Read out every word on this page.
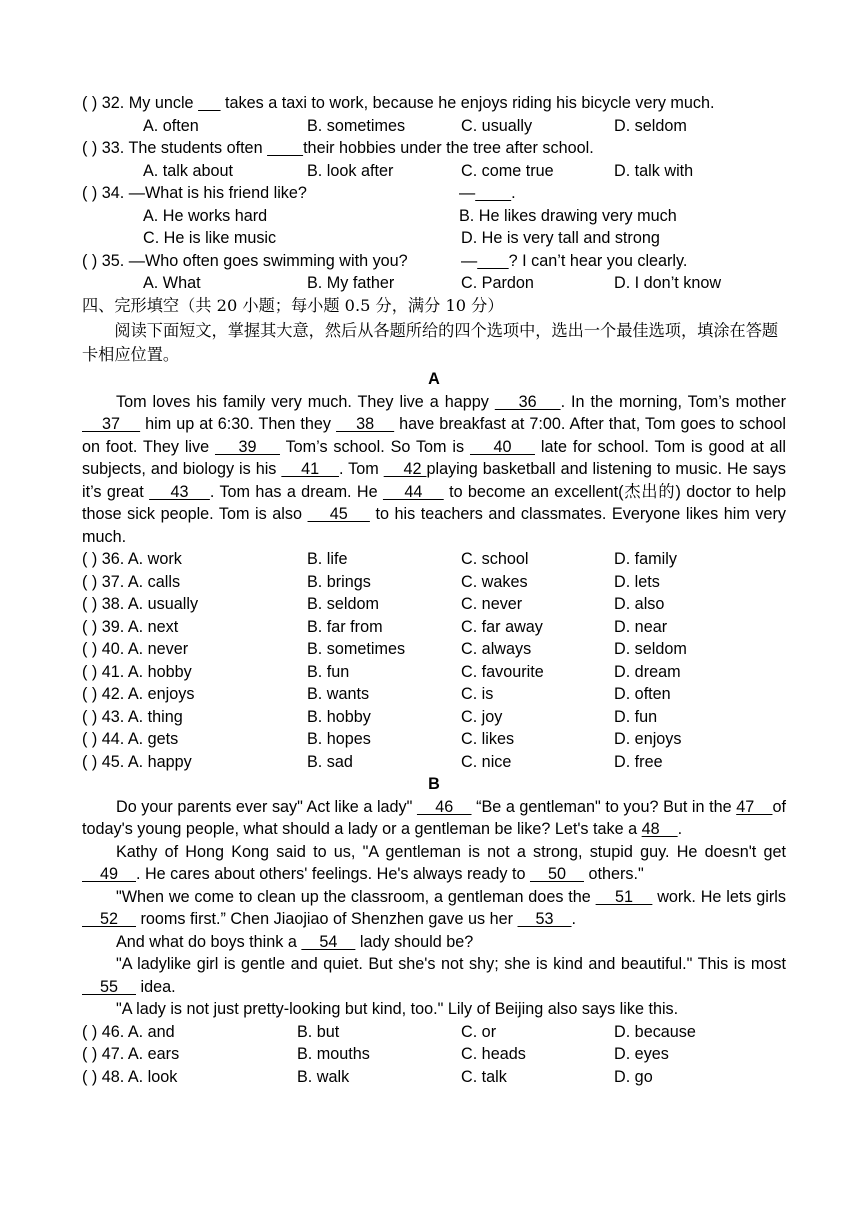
( ) 32. My uncle       takes a taxi to work, because he enjoys riding his bicycle very much.
A. often	B. sometimes	C. usually	D. seldom
( ) 33. The students often         their hobbies under the tree after school.
A. talk about	B. look after	C. come true	D. talk with
( ) 34. —What is his friend like?	— .
A. He works hard	B. He likes drawing very much
C. He is like music	D. He is very tall and strong
( ) 35. —Who often goes swimming with you?	— ? I can’t hear you clearly.
A. What	B. My father	C. Pardon	D. I don’t know
四、完形填空（共 20 小题；每小题 0.5 分，满分 10 分）
阅读下面短文，掌握其大意，然后从各题所给的四个选项中，选出一个最佳选项，填涂在答题卡相应位置。
A
Tom loves his family very much. They live a happy     36    . In the morning, Tom’s mother     37     him up at 6:30. Then they     38     have breakfast at 7:00. After that, Tom goes to school on foot. They live     39     Tom’s school. So Tom is     40     late for school. Tom is good at all subjects, and biology is his     41    . Tom     42 playing basketball and listening to music. He says it’s great     43    . Tom has a dream. He     44     to become an excellent(杰出的) doctor to help those sick people. Tom is also     45     to his teachers and classmates. Everyone likes him very much.
( ) 36. A. work	B. life	C. school	D. family
( ) 37. A. calls	B. brings	C. wakes	D. lets
( ) 38. A. usually	B. seldom	C. never	D. also
( ) 39. A. next	B. far from	C. far away	D. near
( ) 40. A. never	B. sometimes	C. always	D. seldom
( ) 41. A. hobby	B. fun	C. favourite	D. dream
( ) 42. A. enjoys	B. wants	C. is	D. often
( ) 43. A. thing	B. hobby	C. joy	D. fun
( ) 44. A. gets	B. hopes	C. likes	D. enjoys
( ) 45. A. happy	B. sad	C. nice	D. free
B
Do your parents ever say" Act like a lady"     46     “Be a gentleman" to you? But in the 47    of today's young people, what should a lady or a gentleman be like? Let's take a 48    .
Kathy of Hong Kong said to us, "A gentleman is not a strong, stupid guy. He doesn't get     49    . He cares about others' feelings. He's always ready to     50     others."
"When we come to clean up the classroom, a gentleman does the     51     work. He lets girls     52     rooms first.” Chen Jiaojiao of Shenzhen gave us her     53    .
And what do boys think a     54     lady should be?
"A ladylike girl is gentle and quiet. But she's not shy; she is kind and beautiful." This is most     55     idea.
"A lady is not just pretty-looking but kind, too." Lily of Beijing also says like this.
( ) 46. A. and	B. but	C. or	D. because
( ) 47. A. ears	B. mouths	C. heads	D. eyes
( ) 48. A. look	B. walk	C. talk	D. go
